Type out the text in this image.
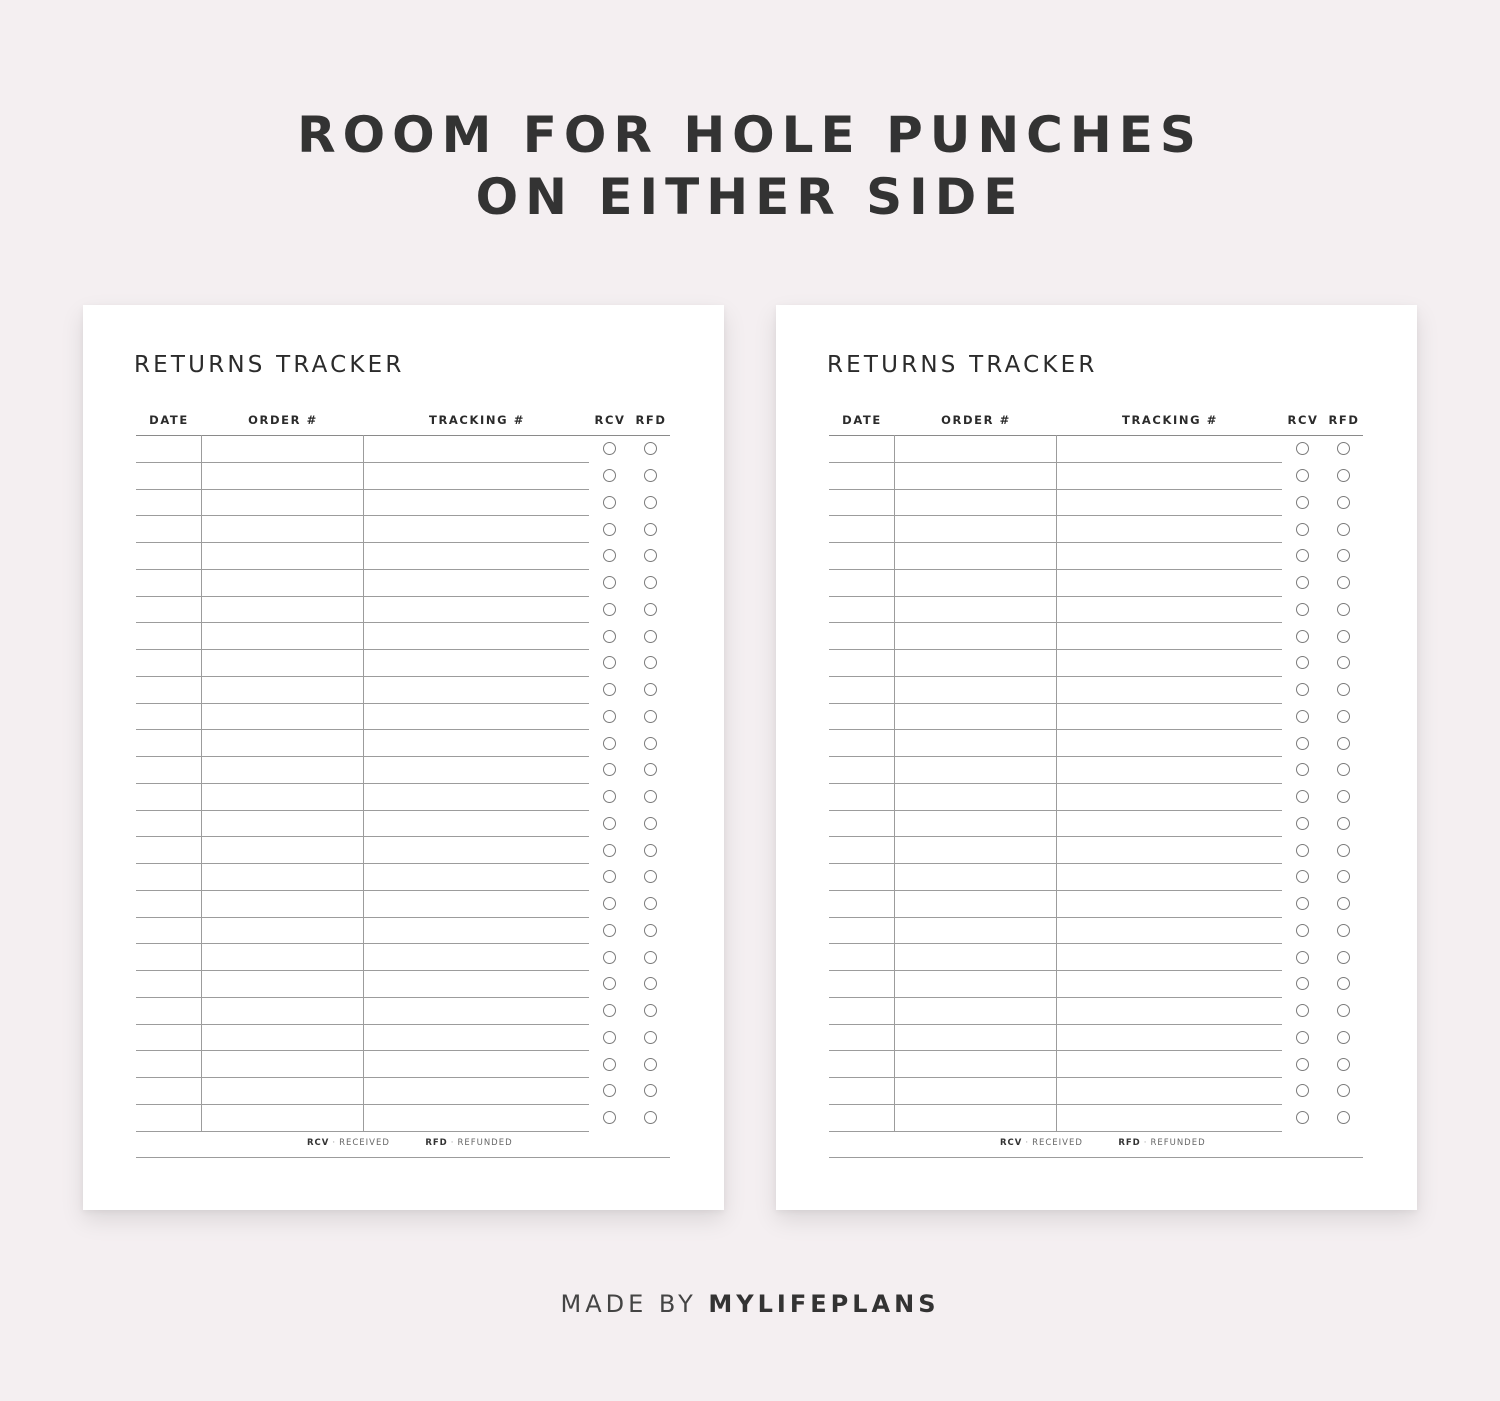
ROOM FOR HOLE PUNCHES
ON EITHER SIDE
RETURNS TRACKER
DATE	ORDER #	TRACKING #	RCV RFD
RCV · RECEIVED	RFD · REFUNDED
RETURNS TRACKER
DATE	ORDER #	TRACKING #	RCV RFD
RCV · RECEIVED	RFD · REFUNDED
MADE BY MYLIFEPLANS
